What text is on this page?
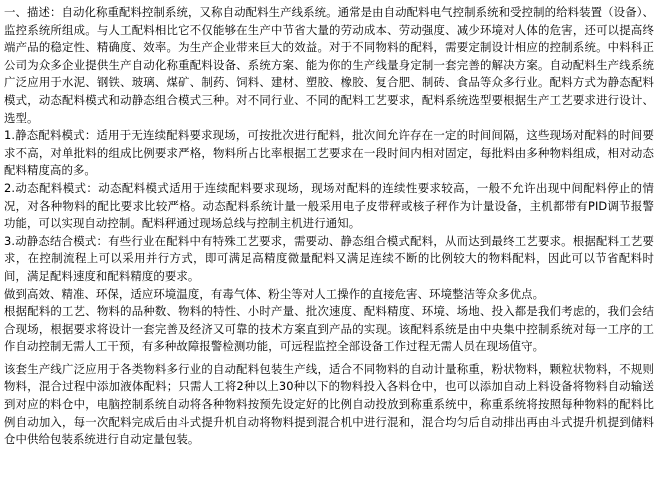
一、描述：自动化称重配料控制系统，又称自动配料生产线系统。通常是由自动配料电气控制系统和受控制的给料装置（设备）、监控系统所组成。与人工配料相比它不仅能够在生产中节省大量的劳动成本、劳动强度、减少环境对人体的危害，还可以提高终端产品的稳定性、精确度、效率。为生产企业带来巨大的效益。对于不同物料的配料，需要定制设计相应的控制系统。中料科正公司为众多企业提供生产自动化称重配料设备、系统方案、能为你的生产线量身定制一套完善的解决方案。自动配料生产线系统广泛应用于水泥、钢铁、玻璃、煤矿、制药、饲料、建材、塑胶、橡胶、复合肥、制砖、食品等众多行业。配料方式为静态配料模式，动态配料模式和动静态组合模式三种。对不同行业、不同的配料工艺要求，配料系统选型要根据生产工艺要求进行设计、选型。

1.静态配料模式：适用于无连续配料要求现场，可按批次进行配料，批次间允许存在一定的时间间隔，这些现场对配料的时间要求不高，对单批料的组成比例要求严格，物料所占比率根据工艺要求在一段时间内相对固定，每批料由多种物料组成，相对动态配料精度高的多。

2.动态配料模式：动态配料模式适用于连续配料要求现场，现场对配料的连续性要求较高，一般不允许出现中间配料停止的情况，对各种物料的配比要求比较严格。动态配料系统计量一般采用电子皮带秤或核子秤作为计量设备，主机都带有PID调节报警功能，可以实现自动控制。配料秤通过现场总线与控制主机进行通知。

3.动静态结合模式：有些行业在配料中有特殊工艺要求，需要动、静态组合模式配料，从而达到最终工艺要求。根据配料工艺要求，在控制流程上可以采用并行方式，即可满足高精度微量配料又满足连续不断的比例较大的物料配料，因此可以节省配料时间，满足配料速度和配料精度的要求。

做到高效、精准、环保，适应环境温度，有毒气体、粉尘等对人工操作的直接危害、环境整洁等众多优点。

根据配料的工艺、物料的品种数、物料的特性、小时产量、批次速度、配料精度、环境、场地、投入都是我们考虑的，我们会结合现场，根据要求将设计一套完善及经济又可靠的技术方案直到产品的实现。该配料系统是由中央集中控制系统对每一工序的工作自动控制无需人工干预，有多种故障报警检测功能，可远程监控全部设备工作过程无需人员在现场值守。

该套生产线广泛应用于各类物料多行业的自动配料包装生产线，适合不同物料的自动计量称重，粉状物料，颗粒状物料，不规则物料，混合过程中添加液体配料；只需人工将2种以上30种以下的物料投入各料仓中，也可以添加自动上料设备将物料自动输送到对应的料仓中，电脑控制系统自动将各种物料按预先设定好的比例自动投放到称重系统中，称重系统将按照每种物料的配料比例自动加入，每一次配料完成后由斗式提升机自动将物料提到混合机中进行混和，混合均匀后自动排出再由斗式提升机提到储料仓中供给包装系统进行自动定量包装。
